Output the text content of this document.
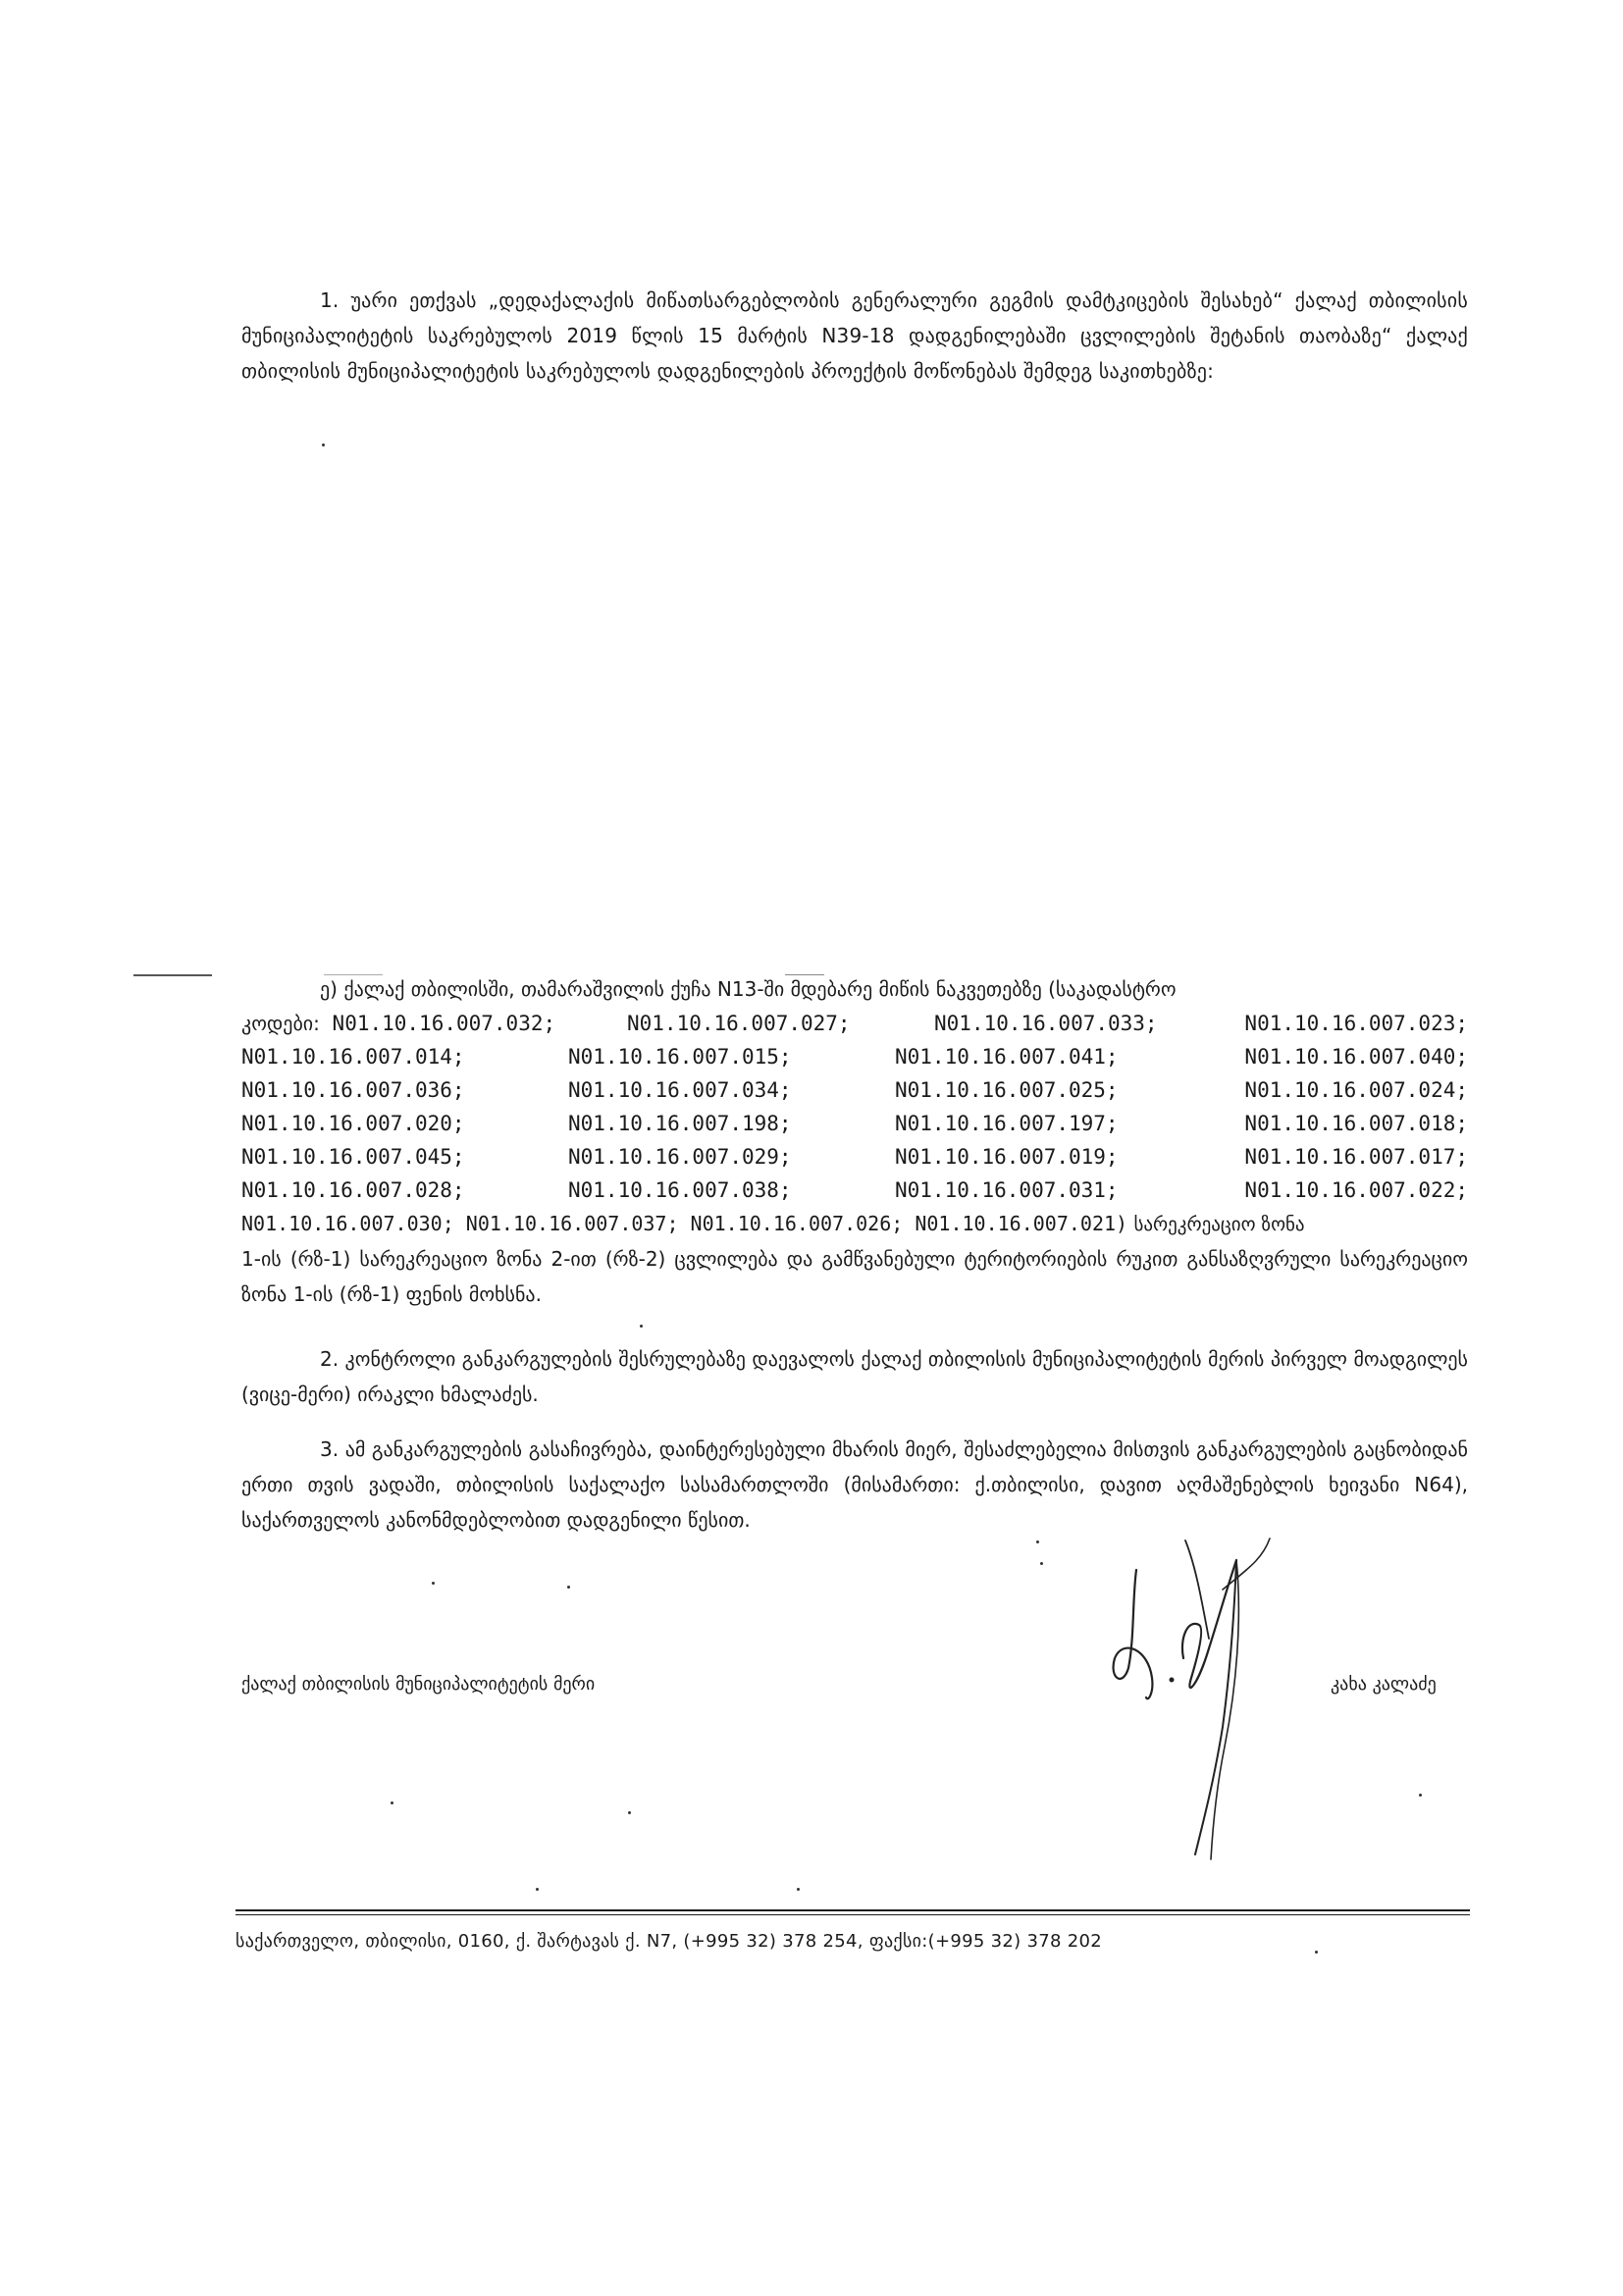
1. უარი ეთქვას „დედაქალაქის მიწათსარგებლობის გენერალური გეგმის დამტკიცების შესახებ“ ქალაქ თბილისის მუნიციპალიტეტის საკრებულოს 2019 წლის 15 მარტის N39-18 დადგენილებაში ცვლილების შეტანის თაობაზე“ ქალაქ თბილისის მუნიციპალიტეტის საკრებულოს დადგენილების პროექტის მოწონებას შემდეგ საკითხებზე:

ე) ქალაქ თბილისში, თამარაშვილის ქუჩა N13-ში მდებარე მიწის ნაკვეთებზე (საკადასტრო
კოდები: N01.10.16.007.032;	N01.10.16.007.027;	N01.10.16.007.033;	N01.10.16.007.023;
N01.10.16.007.014;	N01.10.16.007.015;	N01.10.16.007.041;	N01.10.16.007.040;
N01.10.16.007.036;	N01.10.16.007.034;	N01.10.16.007.025;	N01.10.16.007.024;
N01.10.16.007.020;	N01.10.16.007.198;	N01.10.16.007.197;	N01.10.16.007.018;
N01.10.16.007.045;	N01.10.16.007.029;	N01.10.16.007.019;	N01.10.16.007.017;
N01.10.16.007.028;	N01.10.16.007.038;	N01.10.16.007.031;	N01.10.16.007.022;
N01.10.16.007.030; N01.10.16.007.037; N01.10.16.007.026; N01.10.16.007.021) სარეკრეაციო ზონა
1-ის (რზ-1) სარეკრეაციო ზონა 2-ით (რზ-2) ცვლილება და გამწვანებული ტერიტორიების რუკით განსაზღვრული სარეკრეაციო ზონა 1-ის (რზ-1) ფენის მოხსნა.

2. კონტროლი განკარგულების შესრულებაზე დაევალოს ქალაქ თბილისის მუნიციპალიტეტის მერის პირველ მოადგილეს (ვიცე-მერი) ირაკლი ხმალაძეს.

3. ამ განკარგულების გასაჩივრება, დაინტერესებული მხარის მიერ, შესაძლებელია მისთვის განკარგულების გაცნობიდან ერთი თვის ვადაში, თბილისის საქალაქო სასამართლოში (მისამართი: ქ.თბილისი, დავით აღმაშენებლის ხეივანი N64), საქართველოს კანონმდებლობით დადგენილი წესით.

ქალაქ თბილისის მუნიციპალიტეტის მერი	კახა კალაძე
საქართველო, თბილისი, 0160, ქ. შარტავას ქ. N7, (+995 32) 378 254, ფაქსი:(+995 32) 378 202
